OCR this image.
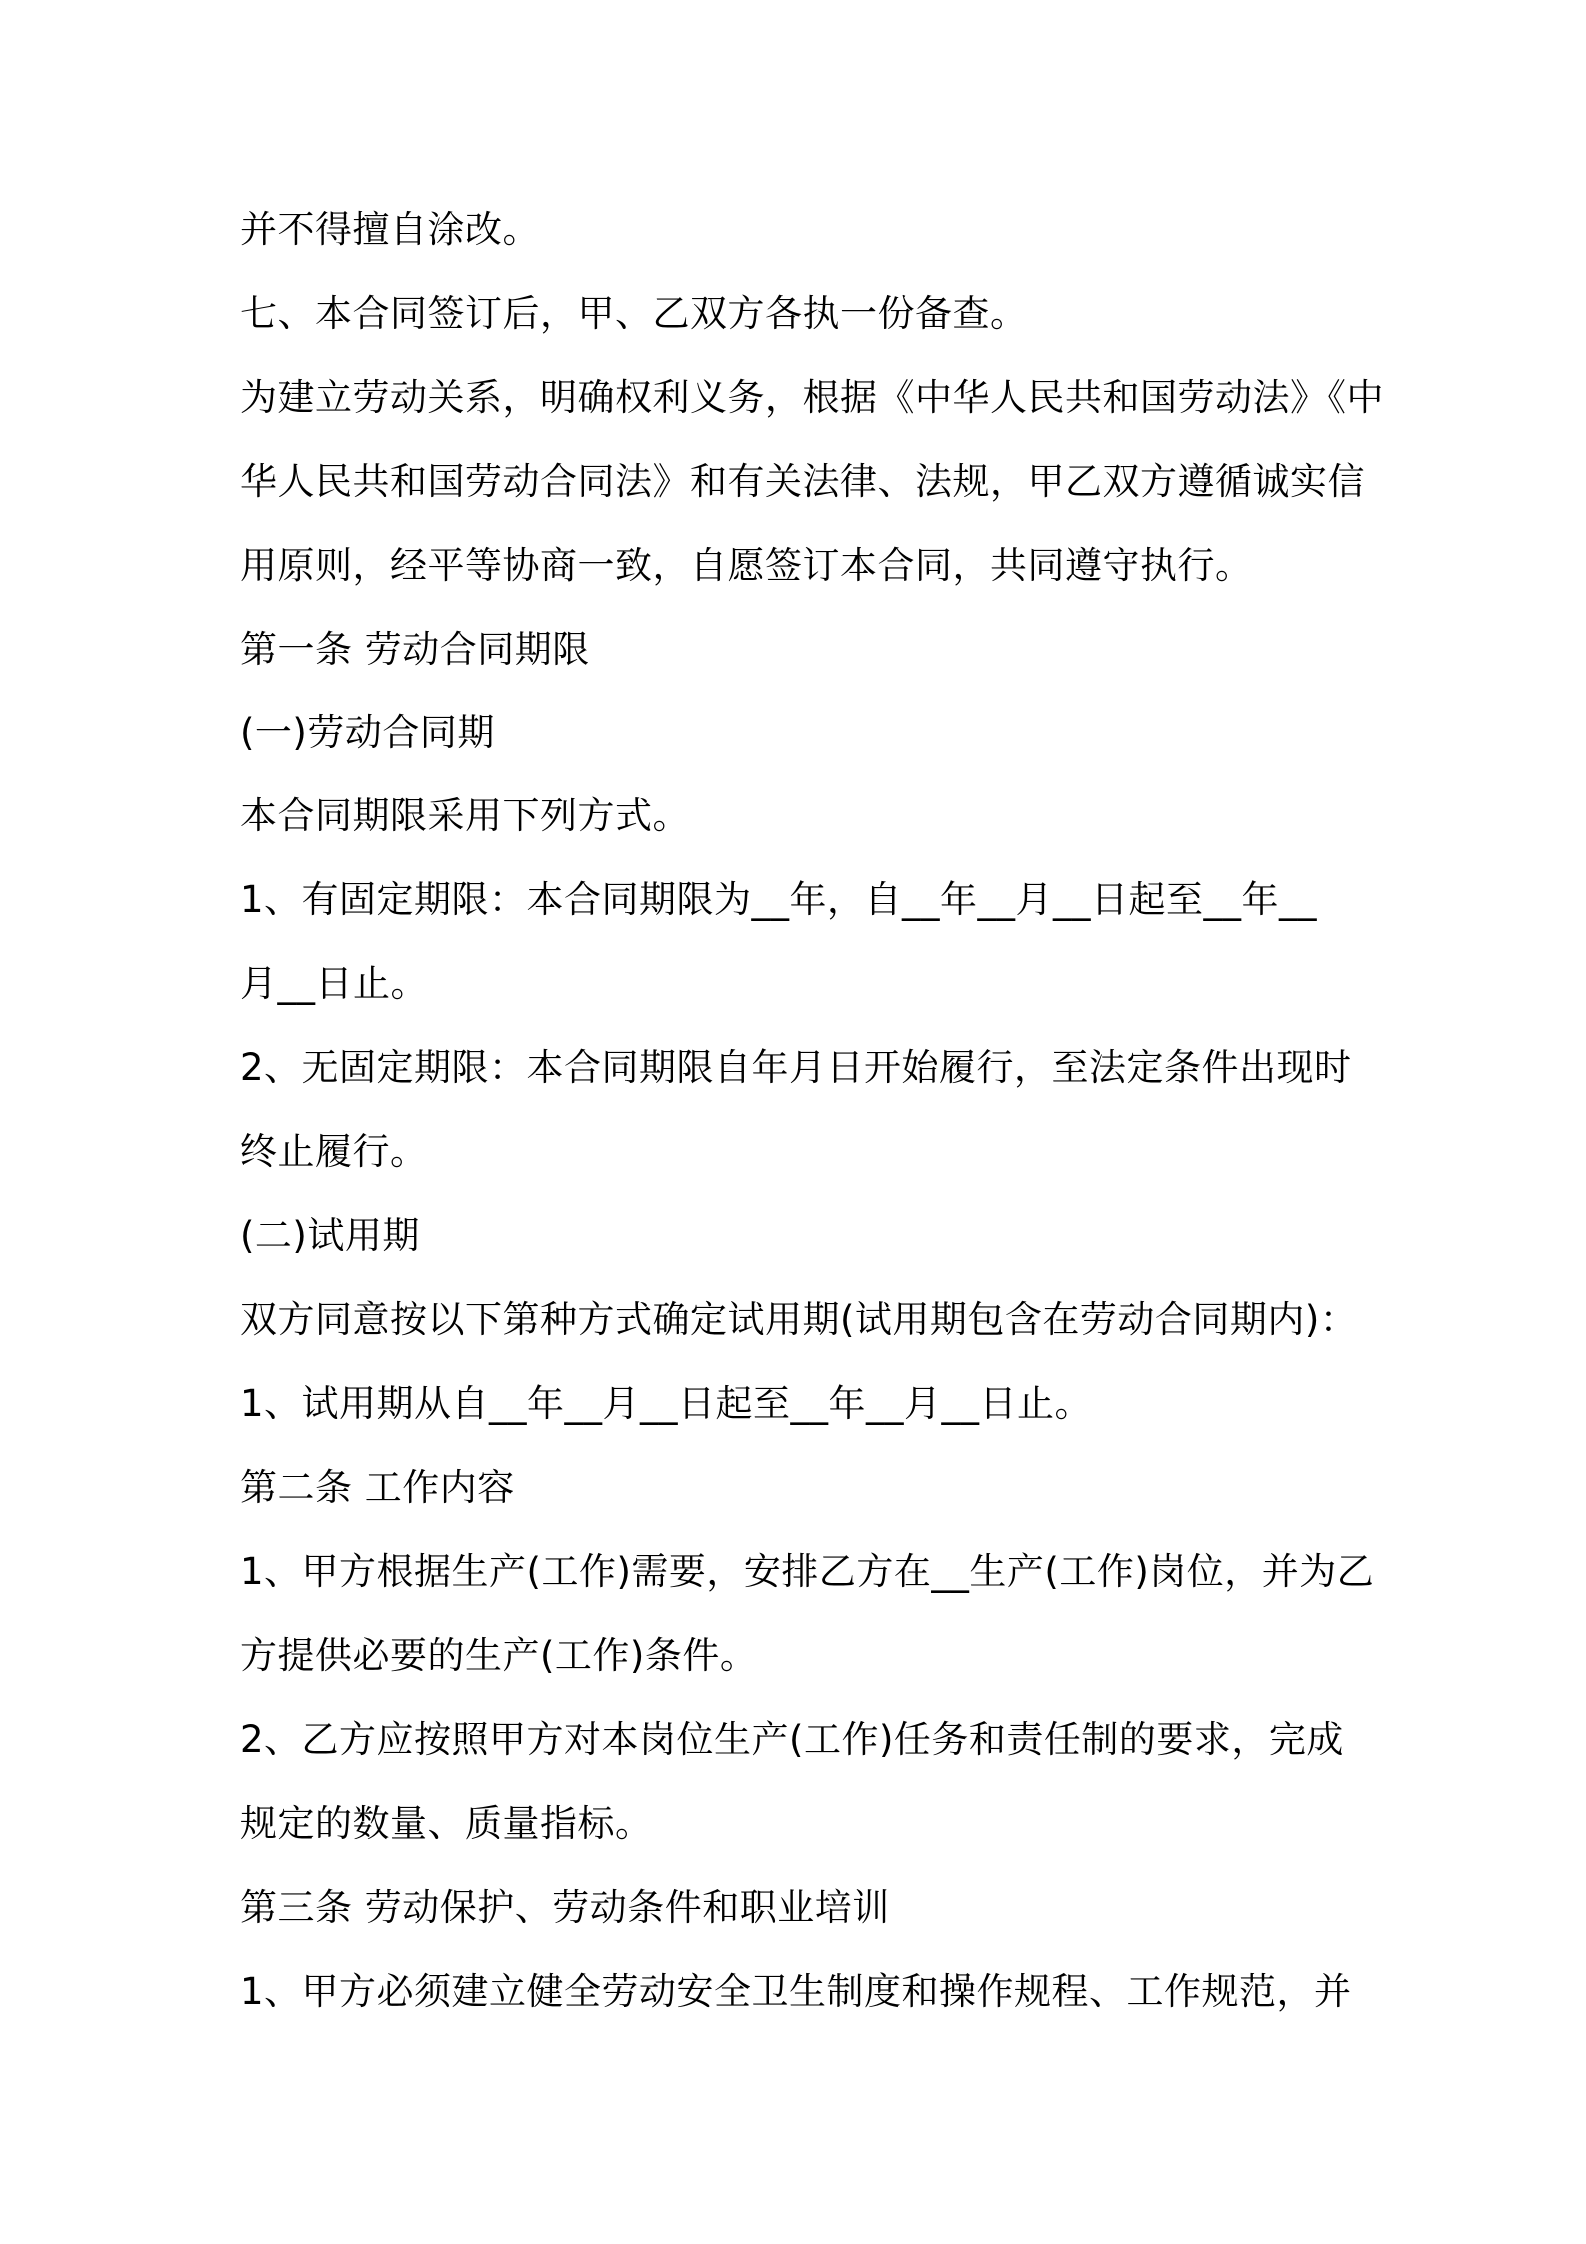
并不得擅自涂改。
七、本合同签订后，甲、乙双方各执一份备查。
为建立劳动关系，明确权利义务，根据《中华人民共和国劳动法》《中
华人民共和国劳动合同法》和有关法律、法规，甲乙双方遵循诚实信
用原则，经平等协商一致，自愿签订本合同，共同遵守执行。
第一条 劳动合同期限
(一)劳动合同期
本合同期限采用下列方式。
1、有固定期限：本合同期限为__年，自__年__月__日起至__年__
月__日止。
2、无固定期限：本合同期限自年月日开始履行，至法定条件出现时
终止履行。
(二)试用期
双方同意按以下第种方式确定试用期(试用期包含在劳动合同期内)：
1、试用期从自__年__月__日起至__年__月__日止。
第二条 工作内容
1、甲方根据生产(工作)需要，安排乙方在__生产(工作)岗位，并为乙
方提供必要的生产(工作)条件。
2、乙方应按照甲方对本岗位生产(工作)任务和责任制的要求，完成
规定的数量、质量指标。
第三条 劳动保护、劳动条件和职业培训
1、甲方必须建立健全劳动安全卫生制度和操作规程、工作规范，并
